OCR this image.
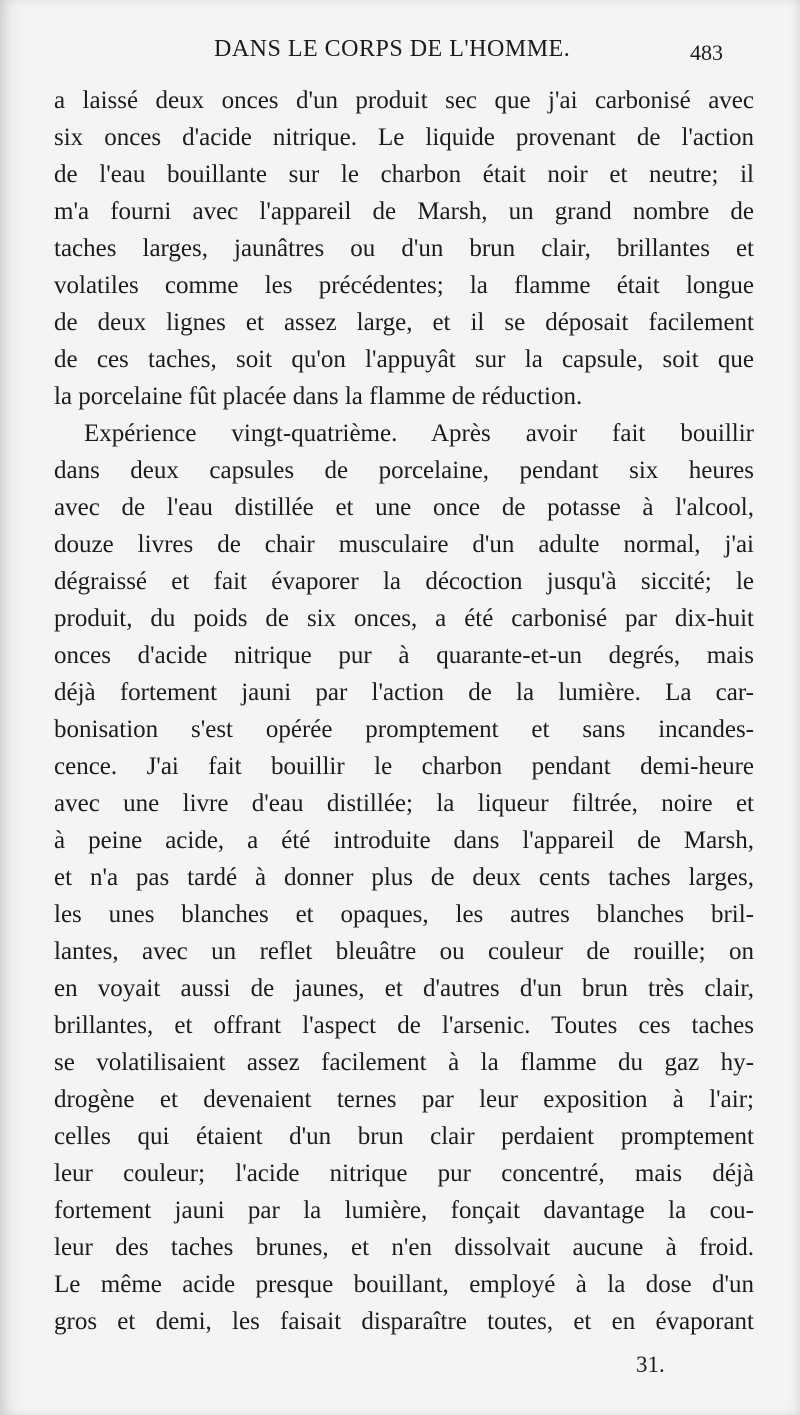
DANS LE CORPS DE L'HOMME.	483
a laissé deux onces d'un produit sec que j'ai carbonisé avec
six onces d'acide nitrique. Le liquide provenant de l'action
de l'eau bouillante sur le charbon était noir et neutre; il
m'a fourni avec l'appareil de Marsh, un grand nombre de
taches larges, jaunâtres ou d'un brun clair, brillantes et
volatiles comme les précédentes; la flamme était longue
de deux lignes et assez large, et il se déposait facilement
de ces taches, soit qu'on l'appuyât sur la capsule, soit que
la porcelaine fût placée dans la flamme de réduction.
Expérience vingt-quatrième. Après avoir fait bouillir
dans deux capsules de porcelaine, pendant six heures
avec de l'eau distillée et une once de potasse à l'alcool,
douze livres de chair musculaire d'un adulte normal, j'ai
dégraissé et fait évaporer la décoction jusqu'à siccité; le
produit, du poids de six onces, a été carbonisé par dix-huit
onces d'acide nitrique pur à quarante-et-un degrés, mais
déjà fortement jauni par l'action de la lumière. La car-
bonisation s'est opérée promptement et sans incandes-
cence. J'ai fait bouillir le charbon pendant demi-heure
avec une livre d'eau distillée; la liqueur filtrée, noire et
à peine acide, a été introduite dans l'appareil de Marsh,
et n'a pas tardé à donner plus de deux cents taches larges,
les unes blanches et opaques, les autres blanches bril-
lantes, avec un reflet bleuâtre ou couleur de rouille; on
en voyait aussi de jaunes, et d'autres d'un brun très clair,
brillantes, et offrant l'aspect de l'arsenic. Toutes ces taches
se volatilisaient assez facilement à la flamme du gaz hy-
drogène et devenaient ternes par leur exposition à l'air;
celles qui étaient d'un brun clair perdaient promptement
leur couleur; l'acide nitrique pur concentré, mais déjà
fortement jauni par la lumière, fonçait davantage la cou-
leur des taches brunes, et n'en dissolvait aucune à froid.
Le même acide presque bouillant, employé à la dose d'un
gros et demi, les faisait disparaître toutes, et en évaporant
31.
